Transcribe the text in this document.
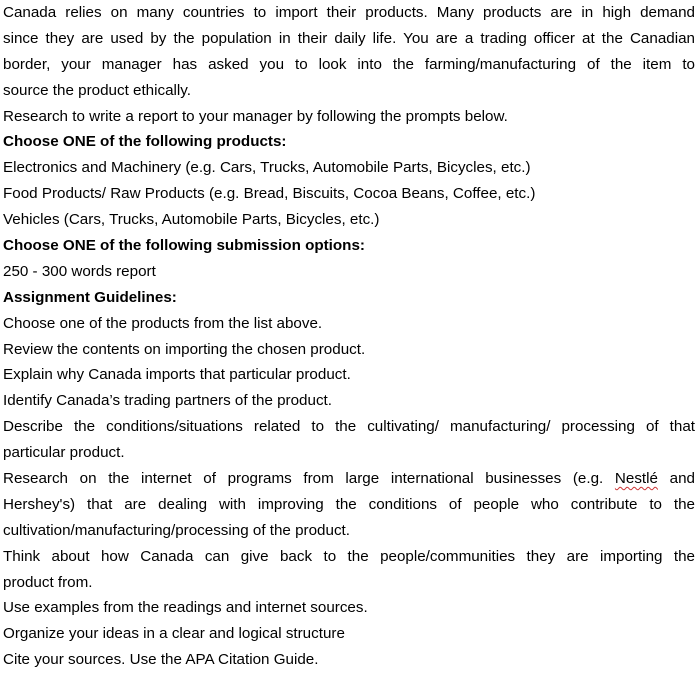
Canada relies on many countries to import their products. Many products are in high demand
since they are used by the population in their daily life. You are a trading officer at the Canadian
border, your manager has asked you to look into the farming/manufacturing of the item to
source the product ethically.
Research to write a report to your manager by following the prompts below.
Choose ONE of the following products:
Electronics and Machinery (e.g. Cars, Trucks, Automobile Parts, Bicycles, etc.)
Food Products/ Raw Products (e.g. Bread, Biscuits, Cocoa Beans, Coffee, etc.)
Vehicles (Cars, Trucks, Automobile Parts, Bicycles, etc.)
Choose ONE of the following submission options:
250 - 300 words report
Assignment Guidelines:
Choose one of the products from the list above.
Review the contents on importing the chosen product.
Explain why Canada imports that particular product.
Identify Canada’s trading partners of the product.
Describe the conditions/situations related to the cultivating/ manufacturing/ processing of that
particular product.
Research on the internet of programs from large international businesses (e.g. Nestlé and
Hershey's) that are dealing with improving the conditions of people who contribute to the
cultivation/manufacturing/processing of the product.
Think about how Canada can give back to the people/communities they are importing the
product from.
Use examples from the readings and internet sources.
Organize your ideas in a clear and logical structure
Cite your sources. Use the APA Citation Guide.
